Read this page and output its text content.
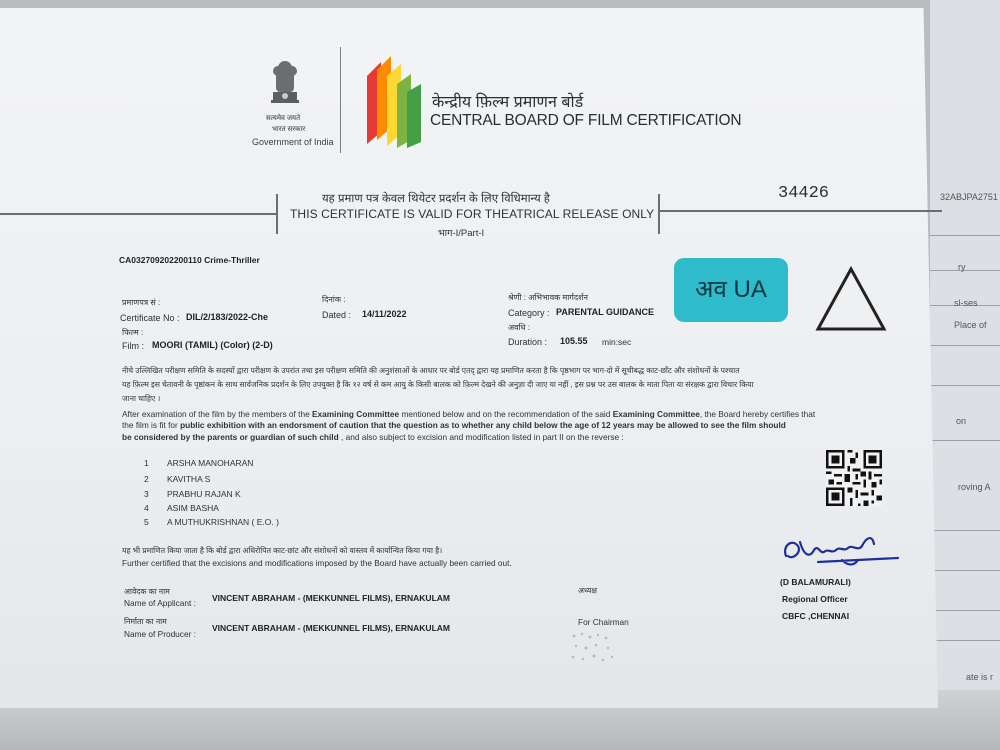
32ABJPA2751
ry
sl-ses
Place of
on
roving A
ate is r
सत्यमेव जयते
भारत सरकार
Government of India
केन्द्रीय फ़िल्म प्रमाणन बोर्ड
CENTRAL BOARD OF FILM CERTIFICATION
34426
यह प्रमाण पत्र केवल थियेटर प्रदर्शन के लिए विधिमान्य है
THIS CERTIFICATE IS VALID FOR THEATRICAL RELEASE ONLY
भाग-I/Part-I
CA032709202200110 Crime-Thriller
प्रमाणपत्र सं :
Certificate No : DIL/2/183/2022-Che
दिनांक :
Dated : 14/11/2022
श्रेणी : अभिभावक मार्गदर्शन
Category : PARENTAL GUIDANCE
फिल्म :
Film : MOORI (TAMIL) (Color) (2-D)
अवधि :
Duration : 105.55 min:sec
अव UA
नीचे उल्लिखित परीक्षण समिति के सदस्यों द्वारा परीक्षण के उपरांत तथा इस परीक्षण समिति की अनुशंसाओं के आधार पर बोर्ड एतद् द्वारा यह प्रमाणित करता है कि पृष्ठभाग पर भाग-दो में सूचीबद्ध काट-छाँट और संशोधनों के पश्चात
यह फ़िल्म इस चेतावनी के पृष्ठांकन के साथ सार्वजनिक प्रदर्शन के लिए उपयुक्त है कि १२ वर्ष से कम आयु के किसी बालक को फ़िल्म देखने की अनुज्ञा दी जाए या नहीं , इस प्रश्न पर उस बालक के माता पिता या संरक्षक द्वारा विचार किया
जाना चाहिए ।
After examination of the film by the members of the Examining Committee mentioned below and on the recommendation of the said Examining Committee, the Board hereby certifies that
the film is fit for public exhibition with an endorsment of caution that the question as to whether any child below the age of 12 years may be allowed to see the film should
be considered by the parents or guardian of such child , and also subject to excision and modification listed in part II on the reverse :
1 ARSHA MANOHARAN
2 KAVITHA S
3 PRABHU RAJAN K
4 ASIM BASHA
5 A MUTHUKRISHNAN ( E.O. )
यह भी प्रमाणित किया जाता है कि बोर्ड द्वारा अधिरोपित काट-छांट और संशोधनों को वास्तव में कार्यान्वित किया गया है।
Further certified that the excisions and modifications imposed by the Board have actually been carried out.
(D BALAMURALI)
Regional Officer
CBFC ,CHENNAI
आवेदक का नाम
Name of Applicant : VINCENT ABRAHAM - (MEKKUNNEL FILMS), ERNAKULAM
अध्यक्ष
For Chairman
निर्माता का नाम
Name of Producer :
VINCENT ABRAHAM - (MEKKUNNEL FILMS), ERNAKULAM
